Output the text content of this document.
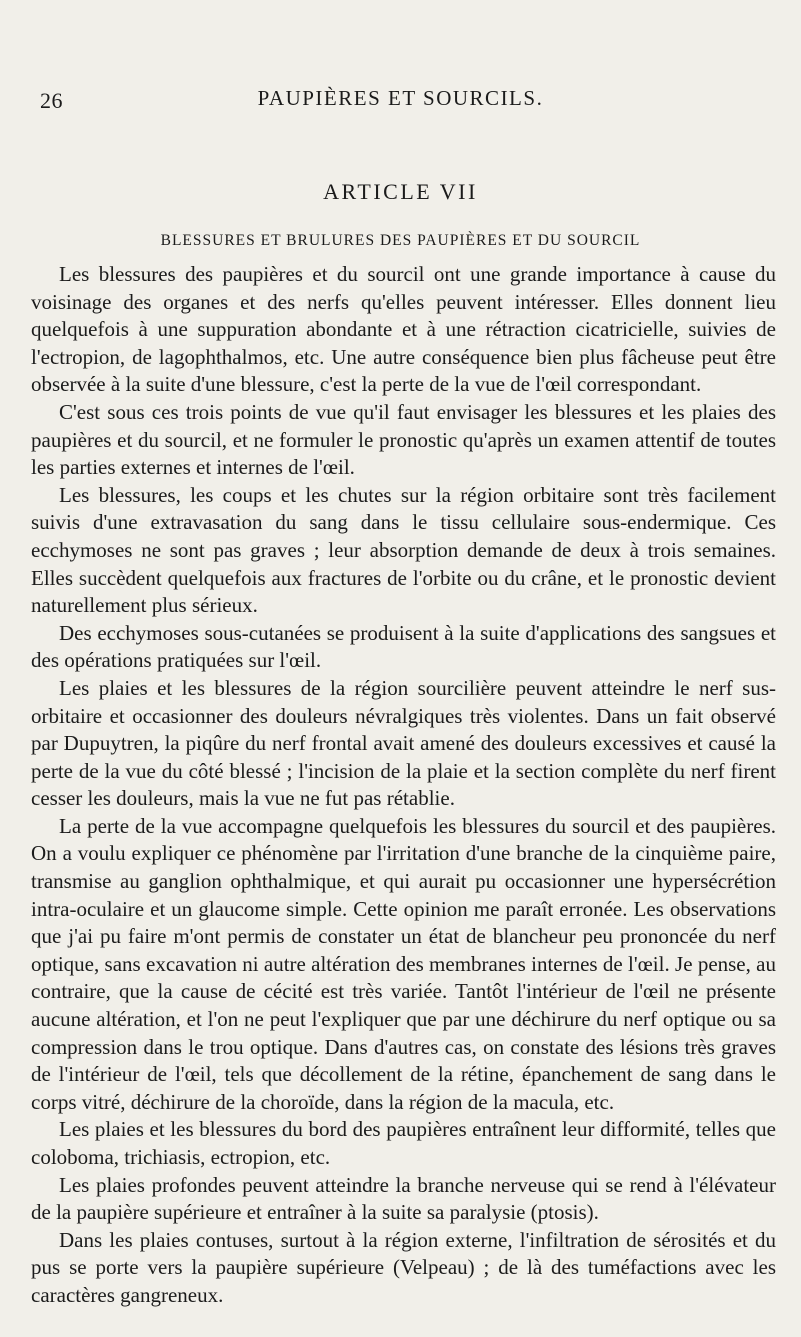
26	PAUPIÈRES ET SOURCILS.
ARTICLE VII
BLESSURES ET BRULURES DES PAUPIÈRES ET DU SOURCIL

Les blessures des paupières et du sourcil ont une grande importance à cause du voisinage des organes et des nerfs qu'elles peuvent intéresser. Elles donnent lieu quelquefois à une suppuration abondante et à une rétraction cicatricielle, suivies de l'ectropion, de lagophthalmos, etc. Une autre conséquence bien plus fâcheuse peut être observée à la suite d'une blessure, c'est la perte de la vue de l'œil correspondant.

C'est sous ces trois points de vue qu'il faut envisager les blessures et les plaies des paupières et du sourcil, et ne formuler le pronostic qu'après un examen attentif de toutes les parties externes et internes de l'œil.

Les blessures, les coups et les chutes sur la région orbitaire sont très facilement suivis d'une extravasation du sang dans le tissu cellulaire sous-endermique. Ces ecchymoses ne sont pas graves ; leur absorption demande de deux à trois semaines. Elles succèdent quelquefois aux fractures de l'orbite ou du crâne, et le pronostic devient naturellement plus sérieux.

Des ecchymoses sous-cutanées se produisent à la suite d'applications des sangsues et des opérations pratiquées sur l'œil.

Les plaies et les blessures de la région sourcilière peuvent atteindre le nerf sus-orbitaire et occasionner des douleurs névralgiques très violentes. Dans un fait observé par Dupuytren, la piqûre du nerf frontal avait amené des douleurs excessives et causé la perte de la vue du côté blessé ; l'incision de la plaie et la section complète du nerf firent cesser les douleurs, mais la vue ne fut pas rétablie.

La perte de la vue accompagne quelquefois les blessures du sourcil et des paupières. On a voulu expliquer ce phénomène par l'irritation d'une branche de la cinquième paire, transmise au ganglion ophthalmique, et qui aurait pu occasionner une hypersécrétion intra-oculaire et un glaucome simple. Cette opinion me paraît erronée. Les observations que j'ai pu faire m'ont permis de constater un état de blancheur peu prononcée du nerf optique, sans excavation ni autre altération des membranes internes de l'œil. Je pense, au contraire, que la cause de cécité est très variée. Tantôt l'intérieur de l'œil ne présente aucune altération, et l'on ne peut l'expliquer que par une déchirure du nerf optique ou sa compression dans le trou optique. Dans d'autres cas, on constate des lésions très graves de l'intérieur de l'œil, tels que décollement de la rétine, épanchement de sang dans le corps vitré, déchirure de la choroïde, dans la région de la macula, etc.

Les plaies et les blessures du bord des paupières entraînent leur difformité, telles que coloboma, trichiasis, ectropion, etc.

Les plaies profondes peuvent atteindre la branche nerveuse qui se rend à l'élévateur de la paupière supérieure et entraîner à la suite sa paralysie (ptosis).

Dans les plaies contuses, surtout à la région externe, l'infiltration de sérosités et du pus se porte vers la paupière supérieure (Velpeau) ; de là des tuméfactions avec les caractères gangreneux.
